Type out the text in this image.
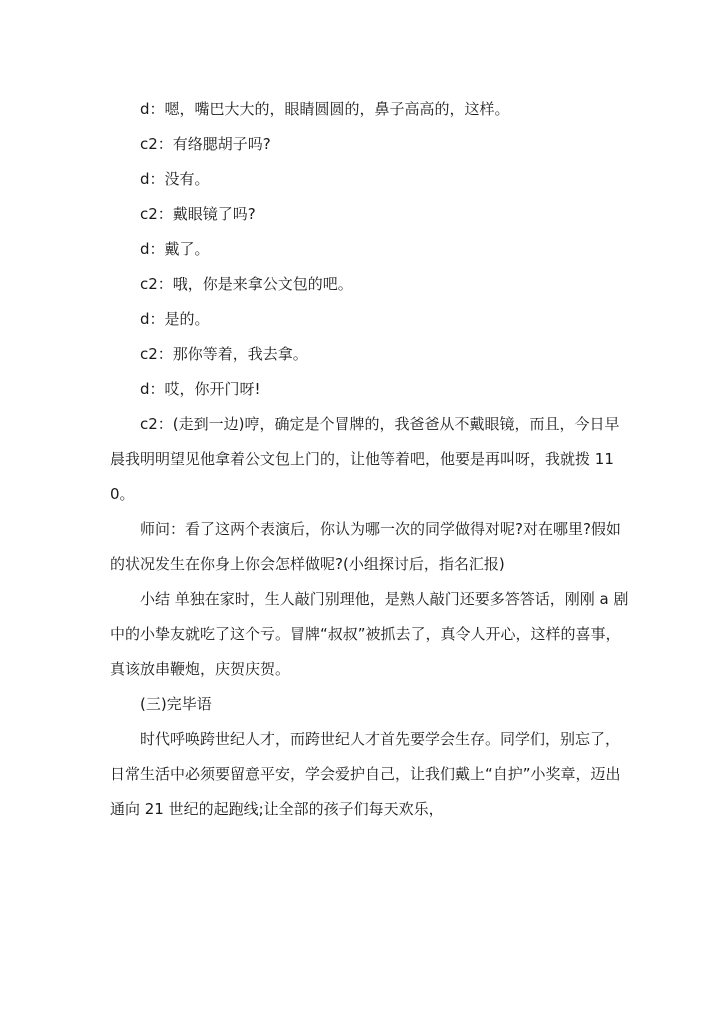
d：嗯，嘴巴大大的，眼睛圆圆的，鼻子高高的，这样。

c2：有络腮胡子吗?

d：没有。

c2：戴眼镜了吗?

d：戴了。

c2：哦，你是来拿公文包的吧。

d：是的。

c2：那你等着，我去拿。

d：哎，你开门呀!

c2：(走到一边)哼，确定是个冒牌的，我爸爸从不戴眼镜，而且，今日早晨我明明望见他拿着公文包上门的，让他等着吧，他要是再叫呀，我就拨 110。

师问：看了这两个表演后，你认为哪一次的同学做得对呢?对在哪里?假如的状况发生在你身上你会怎样做呢?(小组探讨后，指名汇报)

小结 单独在家时，生人敲门别理他，是熟人敲门还要多答答话，刚刚 a 剧中的小挚友就吃了这个亏。冒牌“叔叔”被抓去了，真令人开心，这样的喜事，真该放串鞭炮，庆贺庆贺。

(三)完毕语

时代呼唤跨世纪人才，而跨世纪人才首先要学会生存。同学们，别忘了，日常生活中必须要留意平安，学会爱护自己，让我们戴上“自护”小奖章，迈出通向 21 世纪的起跑线;让全部的孩子们每天欢乐，
